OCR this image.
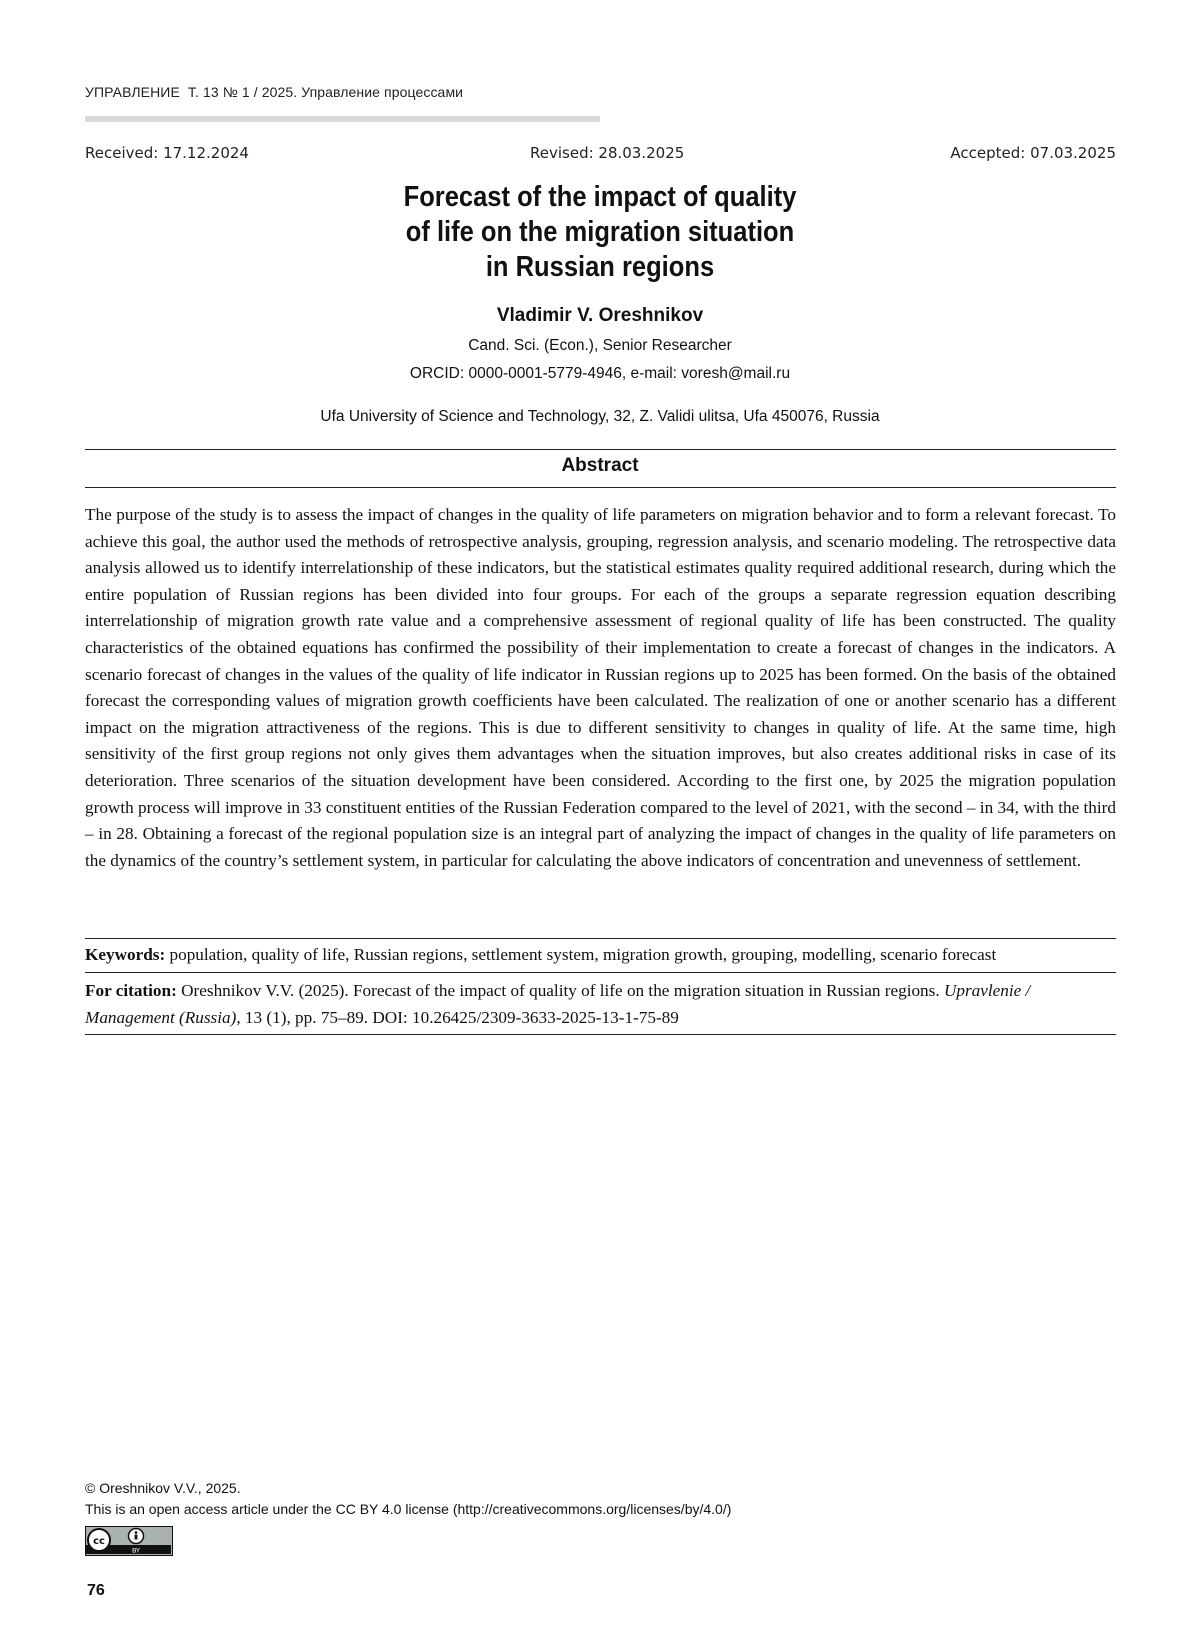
УПРАВЛЕНИЕ Т. 13 № 1 / 2025. Управление процессами
Received: 17.12.2024	Revised: 28.03.2025	Accepted: 07.03.2025
Forecast of the impact of quality
of life on the migration situation
in Russian regions
Vladimir V. Oreshnikov
Cand. Sci. (Econ.), Senior Researcher
ORCID: 0000-0001-5779-4946, e-mail: voresh@mail.ru
Ufa University of Science and Technology, 32, Z. Validi ulitsa, Ufa 450076, Russia
Abstract

The purpose of the study is to assess the impact of changes in the quality of life parameters on migration behavior and to form a relevant forecast. To achieve this goal, the author used the methods of retrospective analysis, grouping, regression analysis, and scenario modeling. The retrospective data analysis allowed us to identify interrelationship of these indicators, but the statistical estimates quality required additional research, during which the entire population of Russian regions has been divided into four groups. For each of the groups a separate regression equation describing interrelationship of migration growth rate value and a comprehensive assessment of regional quality of life has been constructed. The quality characteristics of the obtained equations has confirmed the possibility of their implementation to create a forecast of changes in the indicators. A scenario forecast of changes in the values of the quality of life indicator in Russian regions up to 2025 has been formed. On the basis of the obtained forecast the corresponding values of migration growth coefficients have been calculated. The realization of one or another scenario has a different impact on the migration attractiveness of the regions. This is due to different sensitivity to changes in quality of life. At the same time, high sensitivity of the first group regions not only gives them advantages when the situation improves, but also creates additional risks in case of its deterioration. Three scenarios of the situation development have been considered. According to the first one, by 2025 the migration population growth process will improve in 33 constituent entities of the Russian Federation compared to the level of 2021, with the second – in 34, with the third – in 28. Obtaining a forecast of the regional population size is an integral part of analyzing the impact of changes in the quality of life parameters on the dynamics of the country’s settlement system, in particular for calculating the above indicators of concentration and unevenness of settlement.

Keywords: population, quality of life, Russian regions, settlement system, migration growth, grouping, modelling, scenario forecast
For citation: Oreshnikov V.V. (2025). Forecast of the impact of quality of life on the migration situation in Russian regions. Upravlenie / Management (Russia), 13 (1), pp. 75–89. DOI: 10.26425/2309-3633-2025-13-1-75-89
© Oreshnikov V.V., 2025.
This is an open access article under the CC BY 4.0 license (http://creativecommons.org/licenses/by/4.0/)
cc
BY
76
